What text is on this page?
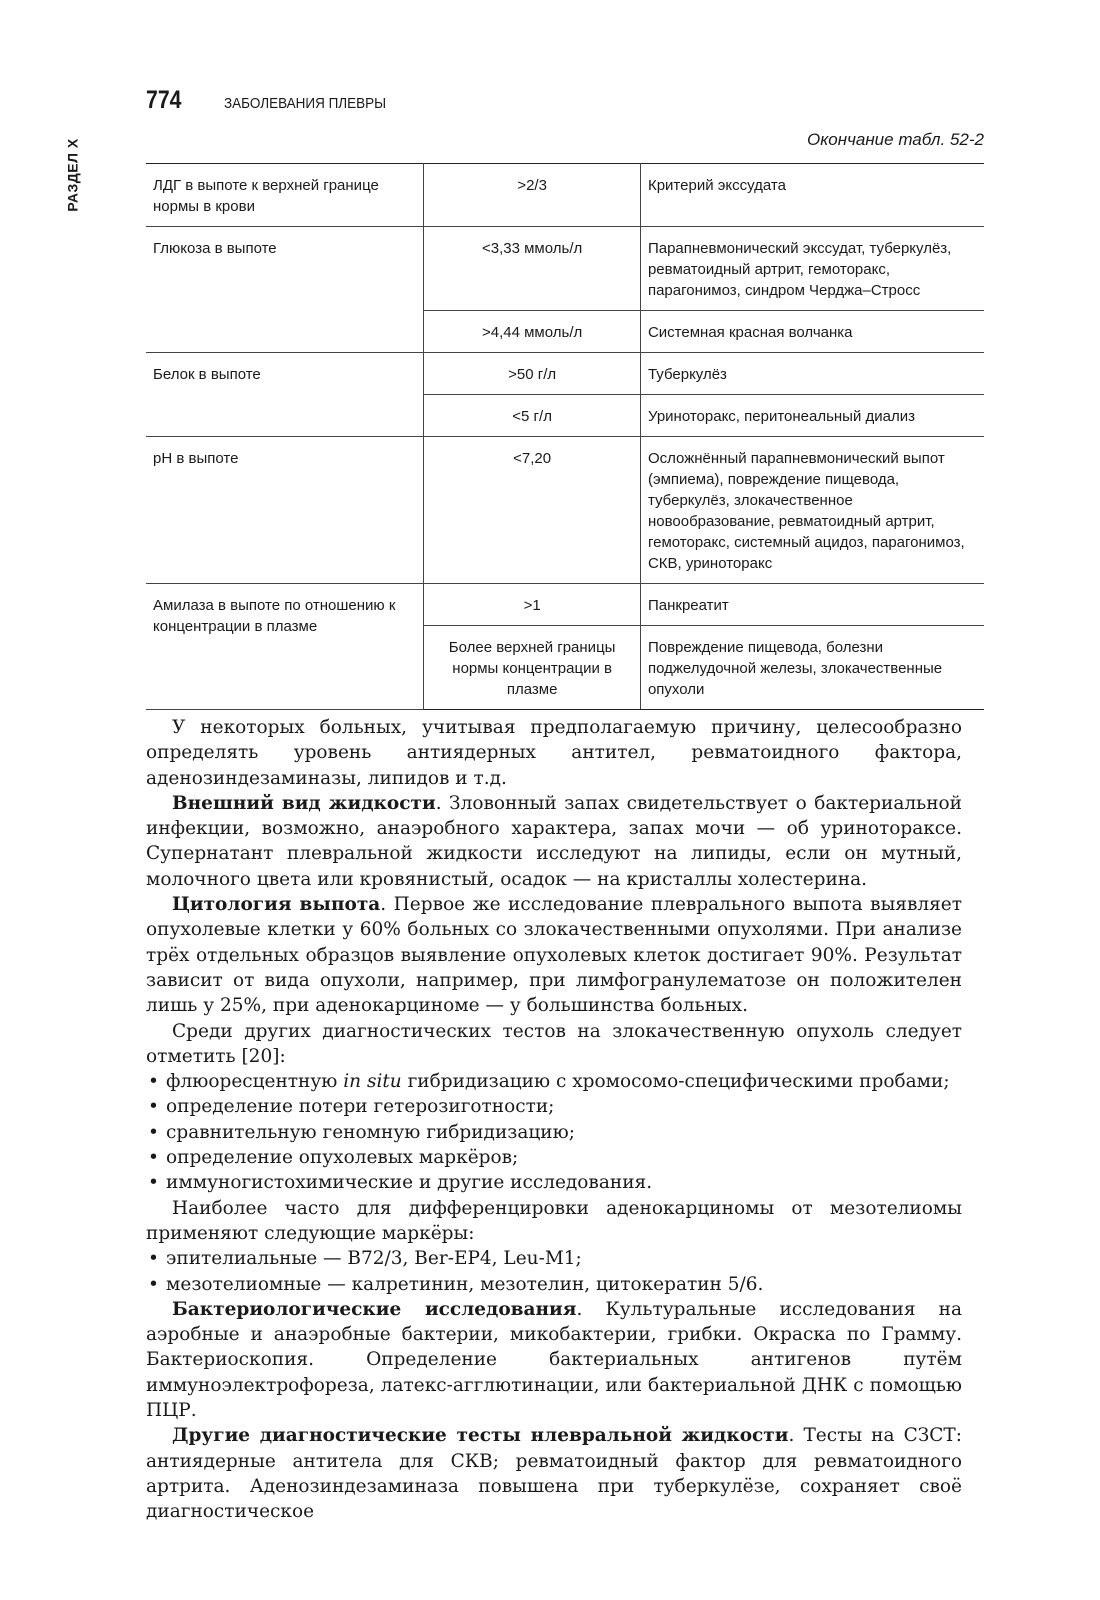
РАЗДЕЛ X
774	ЗАБОЛЕВАНИЯ ПЛЕВРЫ
Окончание табл. 52-2
ЛДГ в выпоте к верхней границе нормы в крови	>2/3	Критерий экссудата
Глюкоза в выпоте	<3,33 ммоль/л	Парапневмонический экссудат, туберкулёз, ревматоидный артрит, гемоторакс, парагонимоз, синдром Черджа–Стросс
	>4,44 ммоль/л	Системная красная волчанка
Белок в выпоте	>50 г/л	Туберкулёз
	<5 г/л	Уриноторакс, перитонеальный диализ
pH в выпоте	<7,20	Осложнённый парапневмонический выпот (эмпиема), повреждение пищевода, туберкулёз, злокачественное новообразование, ревматоидный артрит, гемоторакс, системный ацидоз, парагонимоз, СКВ, уриноторакс
Амилаза в выпоте по отношению к концентрации в плазме	>1	Панкреатит
	Более верхней границы нормы концентрации в плазме	Повреждение пищевода, болезни поджелудочной железы, злокачественные опухоли

У некоторых больных, учитывая предполагаемую причину, целесообразно определять уровень антиядерных антител, ревматоидного фактора, аденозиндезаминазы, липидов и т.д.

Внешний вид жидкости. Зловонный запах свидетельствует о бактериальной инфекции, возможно, анаэробного характера, запах мочи — об уринотораксе. Супернатант плевральной жидкости исследуют на липиды, если он мутный, молочного цвета или кровянистый, осадок — на кристаллы холестерина.

Цитология выпота. Первое же исследование плеврального выпота выявляет опухолевые клетки у 60% больных со злокачественными опухолями. При анализе трёх отдельных образцов выявление опухолевых клеток достигает 90%. Результат зависит от вида опухоли, например, при лимфогранулематозе он положителен лишь у 25%, при аденокарциноме — у большинства больных.

Среди других диагностических тестов на злокачественную опухоль следует отметить [20]:

• флюоресцентную in situ гибридизацию с хромосомо-специфическими пробами;
• определение потери гетерозиготности;
• сравнительную геномную гибридизацию;
• определение опухолевых маркёров;
• иммуногистохимические и другие исследования.

Наиболее часто для дифференцировки аденокарциномы от мезотелиомы применяют следующие маркёры:

• эпителиальные — B72/3, Ber-EP4, Leu-M1;
• мезотелиомные — калретинин, мезотелин, цитокератин 5/6.

Бактериологические исследования. Культуральные исследования на аэробные и анаэробные бактерии, микобактерии, грибки. Окраска по Грамму. Бактериоскопия. Определение бактериальных антигенов путём иммуноэлектрофореза, латекс-агглютинации, или бактериальной ДНК с помощью ПЦР.

Другие диагностические тесты нлевральной жидкости. Тесты на СЗСТ: антиядерные антитела для СКВ; ревматоидный фактор для ревматоидного артрита. Аденозиндезаминаза повышена при туберкулёзе, сохраняет своё диагностическое
